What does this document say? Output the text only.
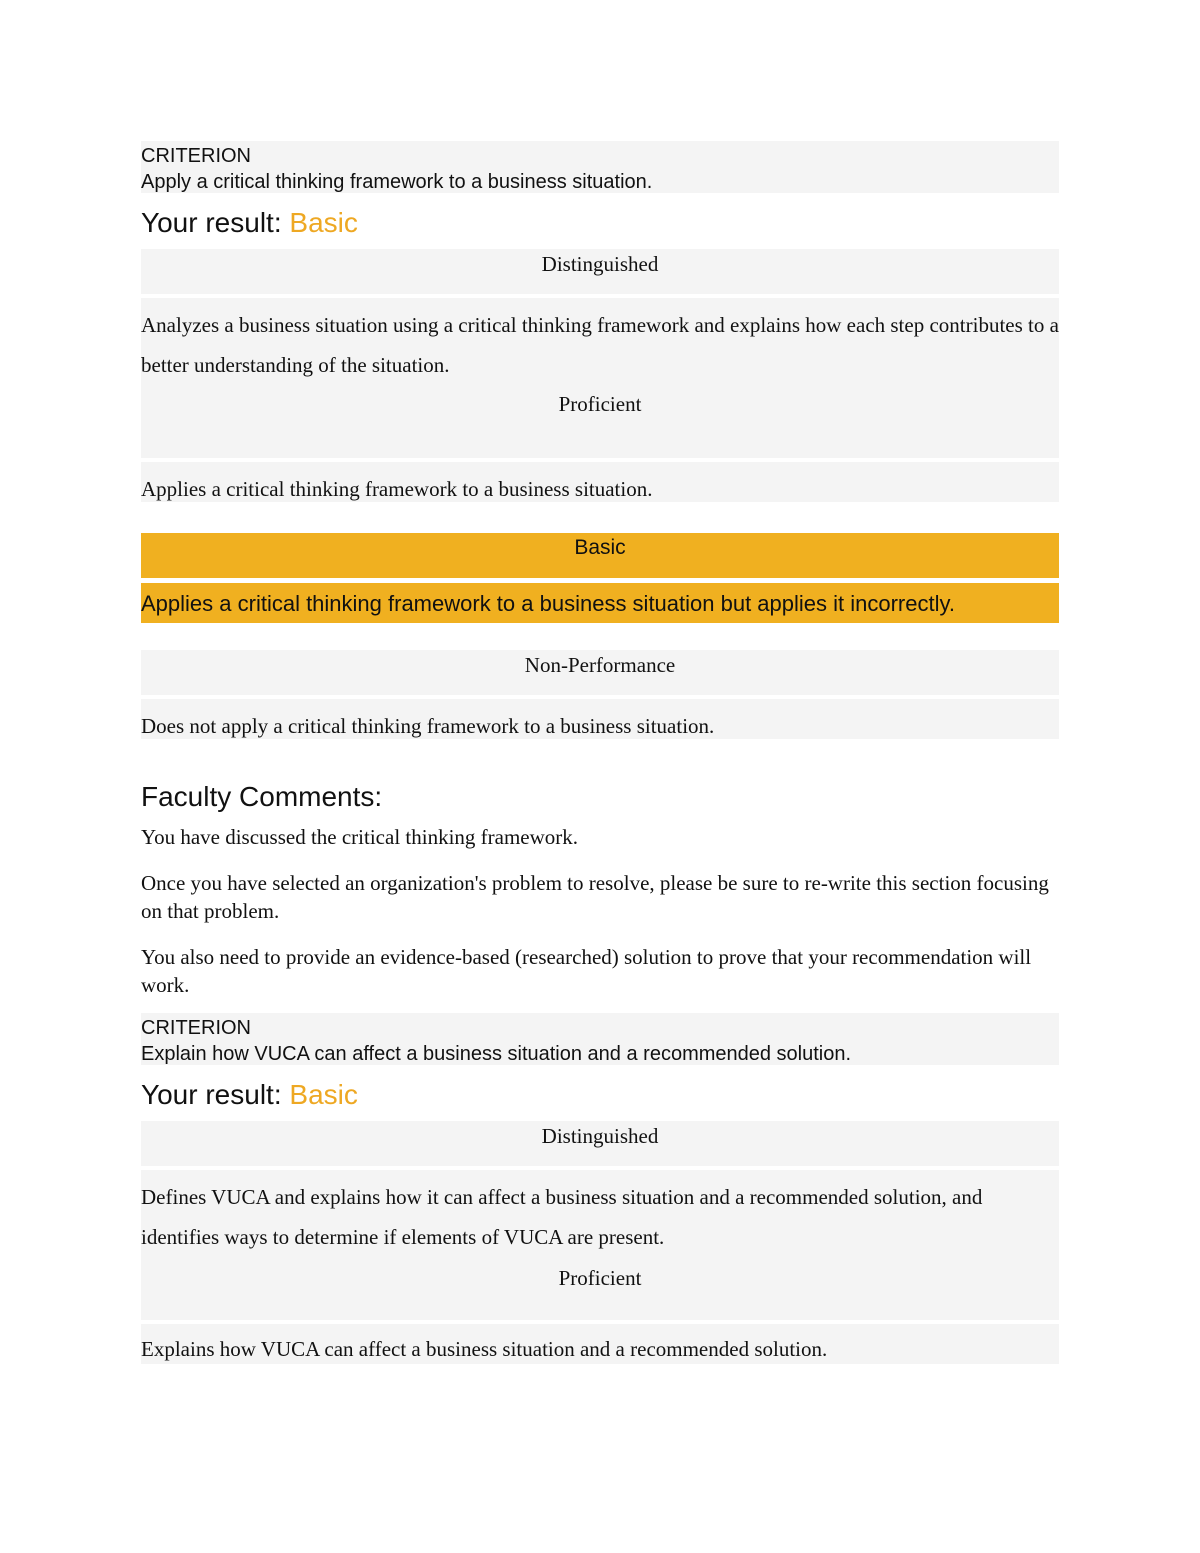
CRITERION
Apply a critical thinking framework to a business situation.
Your result: Basic
Distinguished
Analyzes a business situation using a critical thinking framework and explains how each step contributes to a better understanding of the situation.
Proficient
Applies a critical thinking framework to a business situation.
Basic
Applies a critical thinking framework to a business situation but applies it incorrectly.
Non-Performance
Does not apply a critical thinking framework to a business situation.
Faculty Comments:

You have discussed the critical thinking framework.

Once you have selected an organization's problem to resolve, please be sure to re-write this section focusing on that problem.

You also need to provide an evidence-based (researched) solution to prove that your recommendation will work.

CRITERION
Explain how VUCA can affect a business situation and a recommended solution.
Your result: Basic
Distinguished
Defines VUCA and explains how it can affect a business situation and a recommended solution, and identifies ways to determine if elements of VUCA are present.
Proficient
Explains how VUCA can affect a business situation and a recommended solution.
